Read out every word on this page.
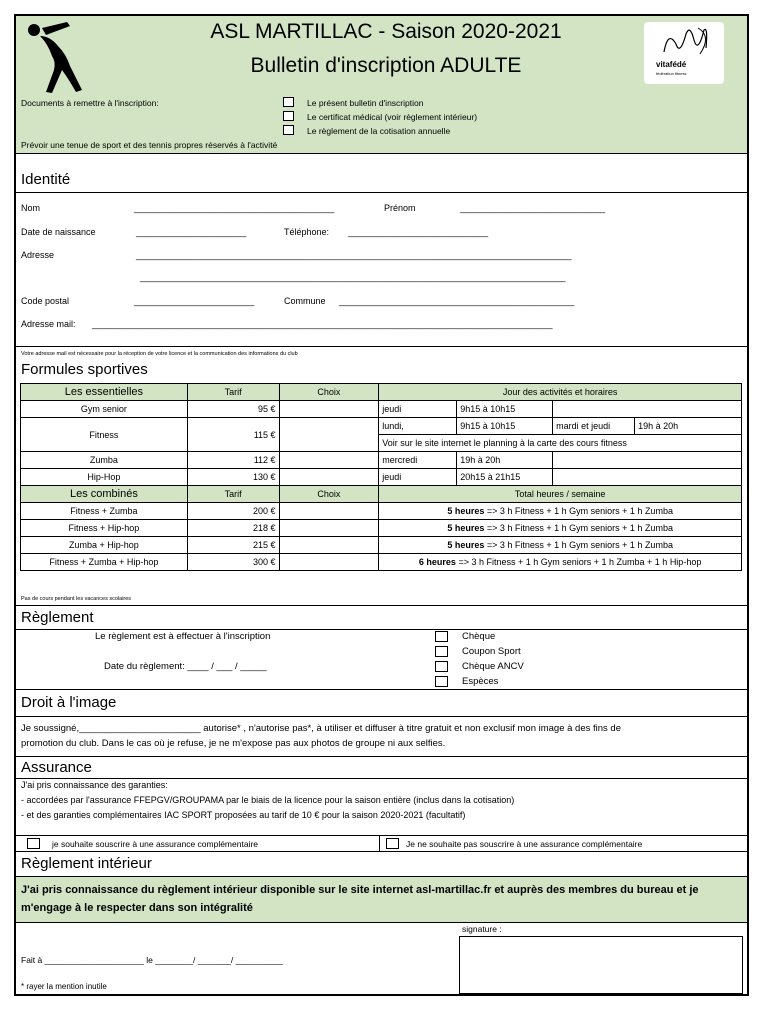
ASL MARTILLAC - Saison 2020-2021
Bulletin d'inscription ADULTE	vitafédé
fédération fitness
Documents à remettre à l'inscription:	Le présent bulletin d'inscription
Le certificat médical (voir règlement intérieur)
Le règlement de la cotisation annuelle
Prévoir une tenue de sport et des tennis propres réservés à l'activité
Identité
Nom	________________________________________	Prénom	_____________________________
Date de naissance	______________________	Téléphone: ____________________________
Adresse	_______________________________________________________________________________________
_____________________________________________________________________________________
Code postal	________________________	Commune _______________________________________________
Adresse mail: ____________________________________________________________________________________________
Votre adresse mail est nécessaire pour la réception de votre licence et la communication des informations du club
Formules sportives
Les essentielles	Tarif	Choix	Jour des activités et horaires			
Gym senior	95 €		jeudi	9h15 à 10h15		
Fitness	115 €		lundi,	9h15 à 10h15	mardi et jeudi	19h à 20h
			Voir sur le site internet le planning à la carte des cours fitness			
Zumba	112 €		mercredi	19h à 20h		
Hip-Hop	130 €		jeudi	20h15 à 21h15		
Les combinés	Tarif	Choix	Total heures / semaine			
Fitness + Zumba	200 €		5 heures => 3 h Fitness + 1 h Gym seniors + 1 h Zumba			
Fitness + Hip-hop	218 €		5 heures => 3 h Fitness + 1 h Gym seniors + 1 h Zumba			
Zumba + Hip-hop	215 €		5 heures => 3 h Fitness + 1 h Gym seniors + 1 h Zumba			
Fitness + Zumba + Hip-hop	300 €		6 heures => 3 h Fitness + 1 h Gym seniors + 1 h Zumba + 1 h Hip-hop			
Pas de cours pendant les vacances scolaires
Règlement
Le règlement est à effectuer à l'inscription
Date du règlement: ____ / ___ / _____
Chèque
Coupon Sport
Chèque ANCV
Espèces
Droit à l'image
Je soussigné,_______________________ autorise* , n'autorise pas*, à utiliser et diffuser à titre gratuit et non exclusif mon image à des fins de
promotion du club. Dans le cas où je refuse, je ne m'expose pas aux photos de groupe ni aux selfies.
Assurance
J'ai pris connaissance des garanties:
- accordées par l'assurance FFEPGV/GROUPAMA par le biais de la licence pour la saison entière (inclus dans la cotisation)
- et des garanties complémentaires IAC SPORT proposées au tarif de 10 € pour la saison 2020-2021 (facultatif)
je souhaite souscrire à une assurance complémentaire	Je ne souhaite pas souscrire à une assurance complémentaire
Règlement intérieur
J'ai pris connaissance du règlement intérieur disponible sur le site internet asl-martillac.fr et auprès des membres du bureau et je m'engage à le respecter dans son intégralité
signature :
Fait à _____________________ le ________/ _______/ __________
* rayer la mention inutile
